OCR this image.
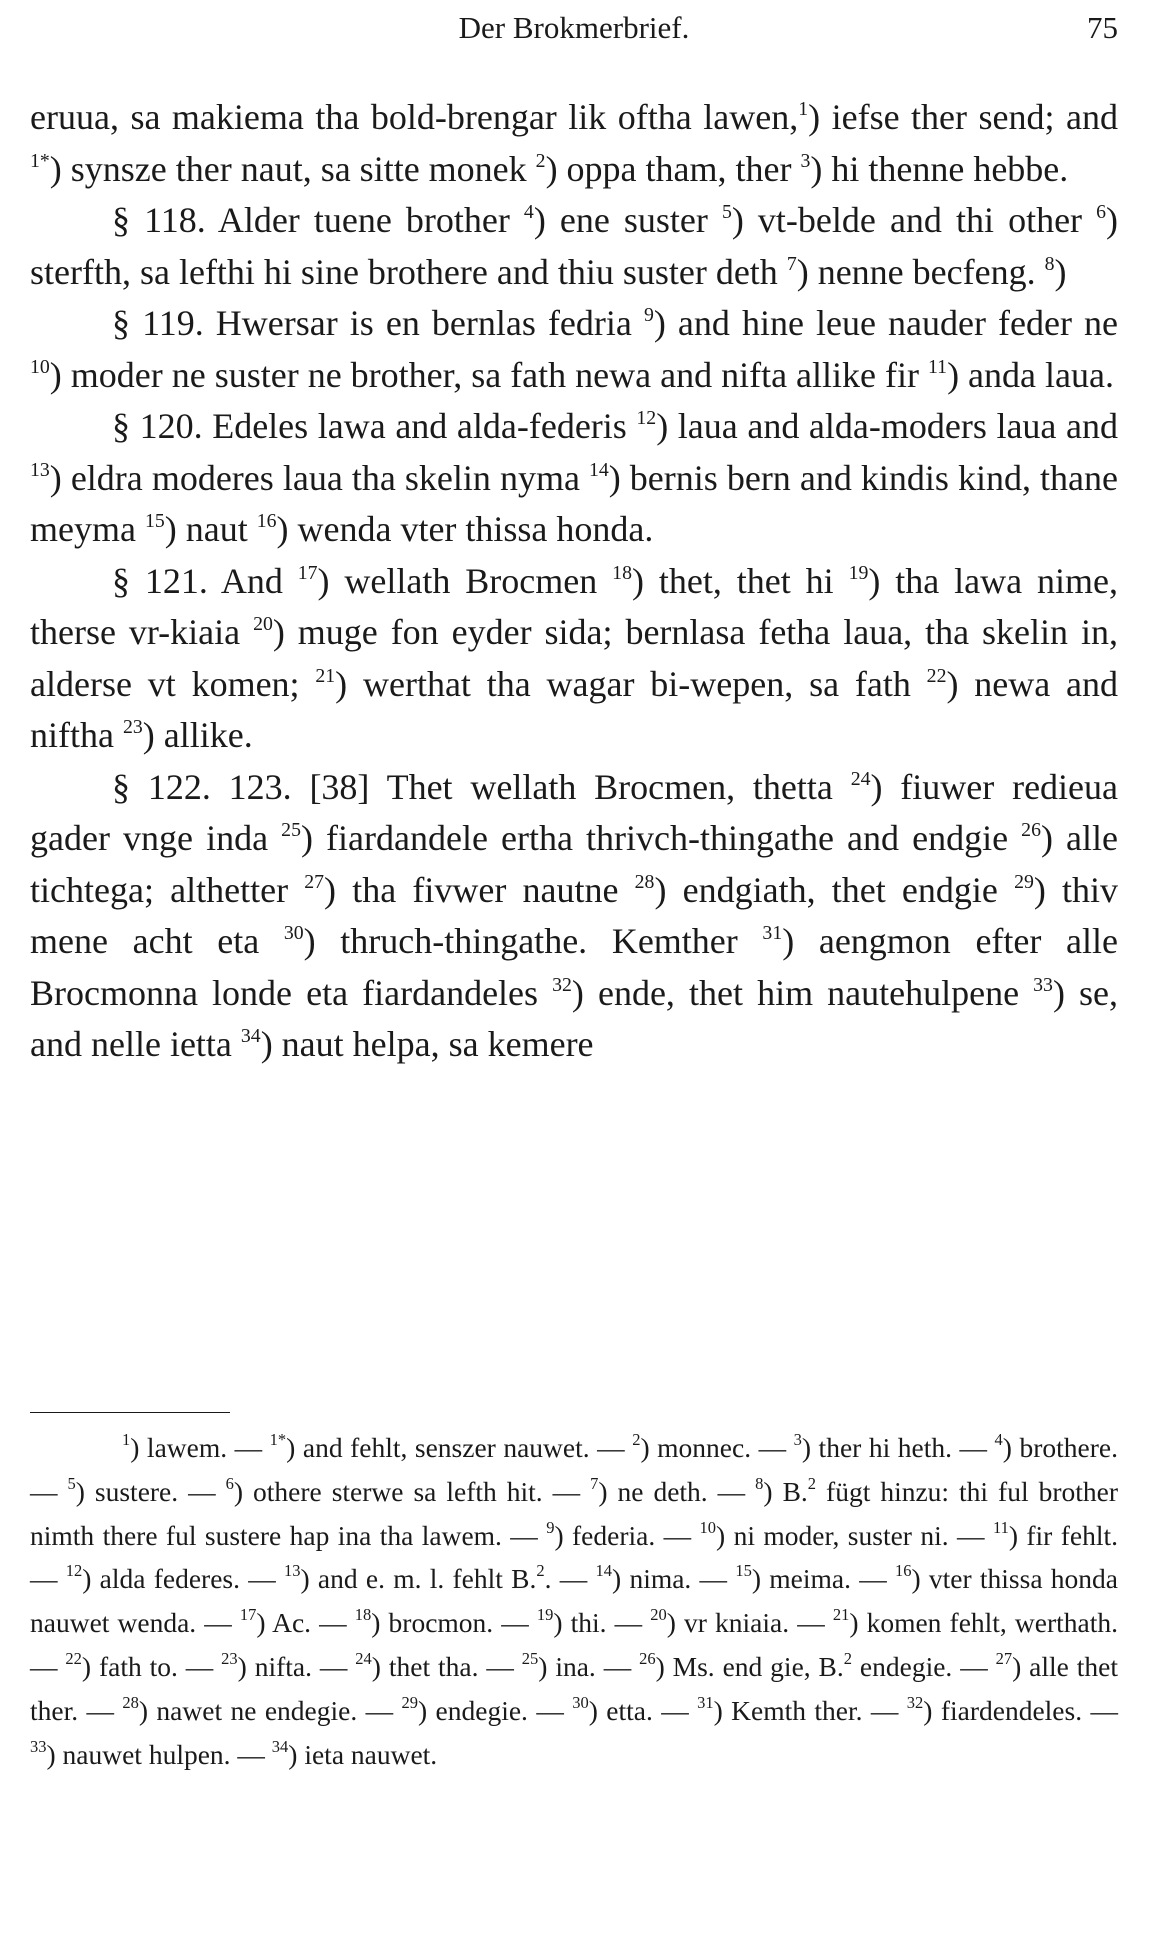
Der Brokmerbrief.	75

eruua, sa makiema tha bold-brengar lik oftha lawen,$^1$) iefse ther send; and $^{1*}$) synsze ther naut, sa sitte monek $^2$) oppa tham, ther $^3$) hi thenne hebbe.

§ 118. Alder tuene brother $^4$) ene suster $^5$) vt-belde and thi other $^6$) sterfth, sa lefthi hi sine brothere and thiu suster deth $^7$) nenne becfeng. $^8$)

§ 119. Hwersar is en bernlas fedria $^9$) and hine leue nauder feder ne $^{10}$) moder ne suster ne brother, sa fath newa and nifta allike fir $^{11}$) anda laua.

§ 120. Edeles lawa and alda-federis $^{12}$) laua and alda-moders laua and $^{13}$) eldra moderes laua tha skelin nyma $^{14}$) bernis bern and kindis kind, thane meyma $^{15}$) naut $^{16}$) wenda vter thissa honda.

§ 121. And $^{17}$) wellath Brocmen $^{18}$) thet, thet hi $^{19}$) tha lawa nime, therse vr-kiaia $^{20}$) muge fon eyder sida; bernlasa fetha laua, tha skelin in, alderse vt komen; $^{21}$) werthat tha wagar bi-wepen, sa fath $^{22}$) newa and niftha $^{23}$) allike.

§ 122. 123. [38] Thet wellath Brocmen, thetta $^{24}$) fiuwer redieua gader vnge inda $^{25}$) fiardandele ertha thrivch-thingathe and endgie $^{26}$) alle tichtega; althetter $^{27}$) tha fivwer nautne $^{28}$) endgiath, thet endgie $^{29}$) thiv mene acht eta $^{30}$) thruch-thingathe. Kemther $^{31}$) aengmon efter alle Brocmonna londe eta fiardandeles $^{32}$) ende, thet him nautehulpene $^{33}$) se, and nelle ietta $^{34}$) naut helpa, sa kemere

$^1$) lawem. — $^{1*}$) and fehlt, senszer nauwet. — $^2$) monnec. — $^3$) ther hi heth. — $^4$) brothere. — $^5$) sustere. — $^6$) othere sterwe sa lefth hit. — $^7$) ne deth. — $^8$) B.$^2$ fügt hinzu: thi ful brother nimth there ful sustere hap ina tha lawem. — $^9$) federia. — $^{10}$) ni moder, suster ni. — $^{11}$) fir fehlt. — $^{12}$) alda federes. — $^{13}$) and e. m. l. fehlt B.$^2$. — $^{14}$) nima. — $^{15}$) meima. — $^{16}$) vter thissa honda nauwet wenda. — $^{17}$) Ac. — $^{18}$) brocmon. — $^{19}$) thi. — $^{20}$) vr kniaia. — $^{21}$) komen fehlt, werthath. — $^{22}$) fath to. — $^{23}$) nifta. — $^{24}$) thet tha. — $^{25}$) ina. — $^{26}$) Ms. end gie, B.$^2$ endegie. — $^{27}$) alle thet ther. — $^{28}$) nawet ne endegie. — $^{29}$) endegie. — $^{30}$) etta. — $^{31}$) Kemth ther. — $^{32}$) fiardendeles. — $^{33}$) nauwet hulpen. — $^{34}$) ieta nauwet.
